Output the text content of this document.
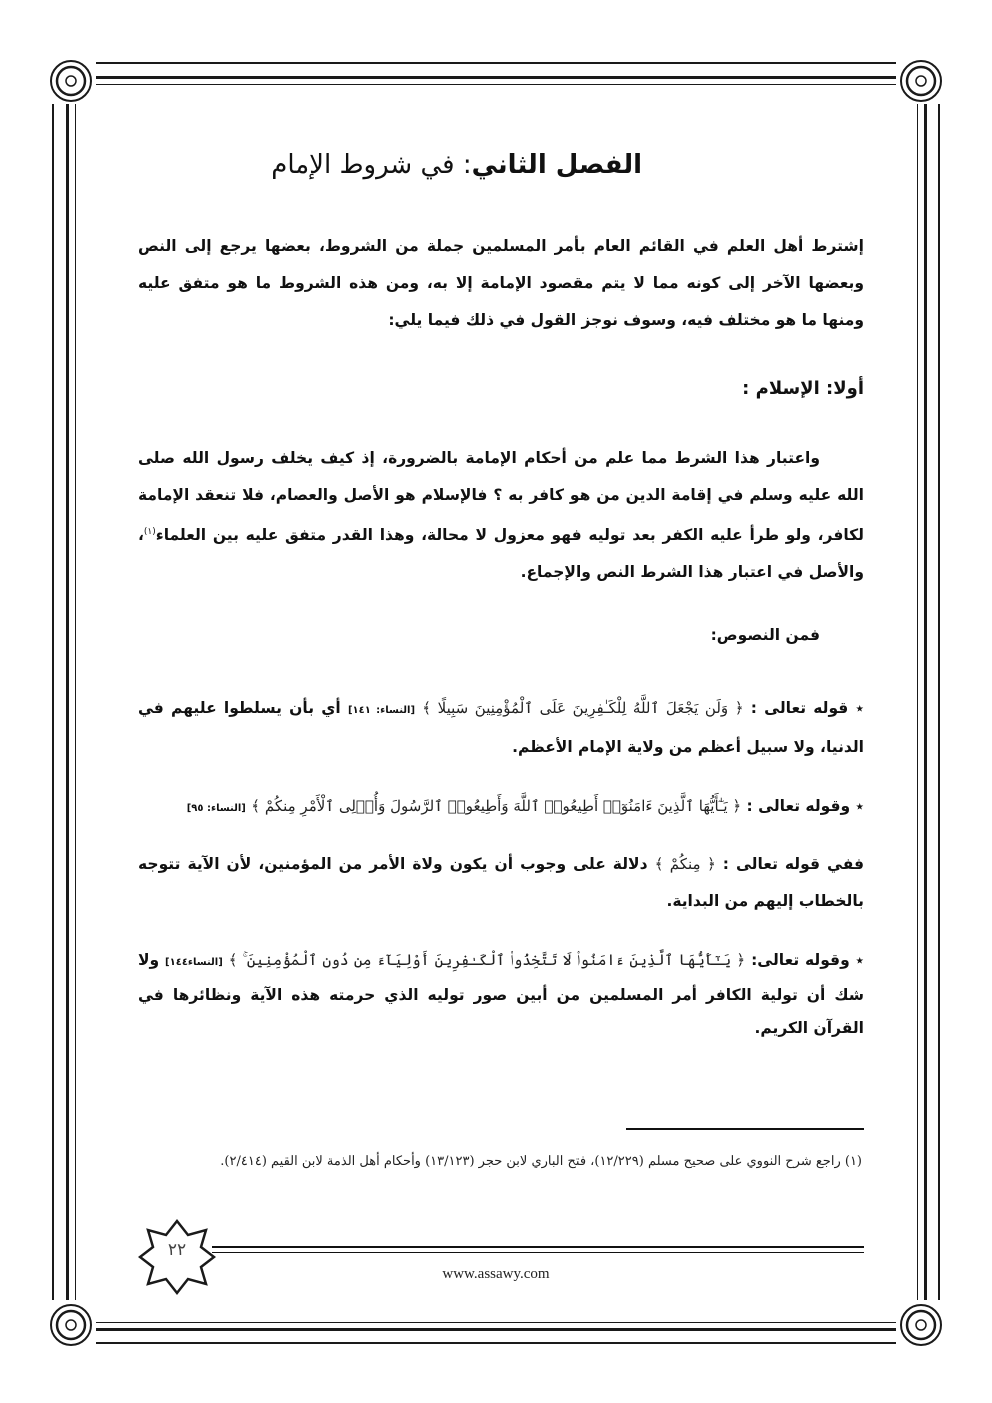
الفصل الثاني: في شروط الإمام
إشترط أهل العلم في القائم العام بأمر المسلمين جملة من الشروط، بعضها يرجع إلى النص وبعضها الآخر إلى كونه مما لا يتم مقصود الإمامة إلا به، ومن هذه الشروط ما هو متفق عليه ومنها ما هو مختلف فيه، وسوف نوجز القول في ذلك فيما يلي:
أولا: الإسلام :
واعتبار هذا الشرط مما علم من أحكام الإمامة بالضرورة، إذ كيف يخلف رسول الله صلى الله عليه وسلم في إقامة الدين من هو كافر به ؟ فالإسلام هو الأصل والعصام، فلا تنعقد الإمامة لكافر، ولو طرأ عليه الكفر بعد توليه فهو معزول لا محالة، وهذا القدر متفق عليه بين العلماء$^{(١)}$، والأصل في اعتبار هذا الشرط النص والإجماع.
فمن النصوص:
٭ قوله تعالى : ﴿ وَلَن يَجْعَلَ ٱللَّهُ لِلْكَـٰفِرِينَ عَلَى ٱلْمُؤْمِنِينَ سَبِيلًا ﴾ [النساء: ١٤١] أي بأن يسلطوا عليهم في الدنيا، ولا سبيل أعظم من ولاية الإمام الأعظم.
٭ وقوله تعالى : ﴿ يَـٰٓأَيُّهَا ٱلَّذِينَ ءَامَنُوٓا۟ أَطِيعُوا۟ ٱللَّهَ وَأَطِيعُوا۟ ٱلرَّسُولَ وَأُو۟لِى ٱلْأَمْرِ مِنكُمْ ﴾ [النساء: ٩٥]
ففي قوله تعالى : ﴿ مِنكُمْ ﴾ دلالة على وجوب أن يكون ولاة الأمر من المؤمنين، لأن الآية تتوجه بالخطاب إليهم من البداية.
٭ وقوله تعالى: ﴿ يَـٰٓأَيُّهَا ٱلَّذِينَ ءَامَنُوا۟ لَا تَتَّخِذُوا۟ ٱلْكَـٰفِرِينَ أَوْلِيَآءَ مِن دُونِ ٱلْمُؤْمِنِينَ ۚ ﴾ [النساء١٤٤] ولا شك أن تولية الكافر أمر المسلمين من أبين صور توليه الذي حرمته هذه الآية ونظائرها في القرآن الكريم.
(١) راجع شرح النووي على صحيح مسلم (١٢/٢٢٩)، فتح الباري لابن حجر (١٣/١٢٣) وأحكام أهل الذمة لابن القيم (٢/٤١٤).
٢٢
www.assawy.com
